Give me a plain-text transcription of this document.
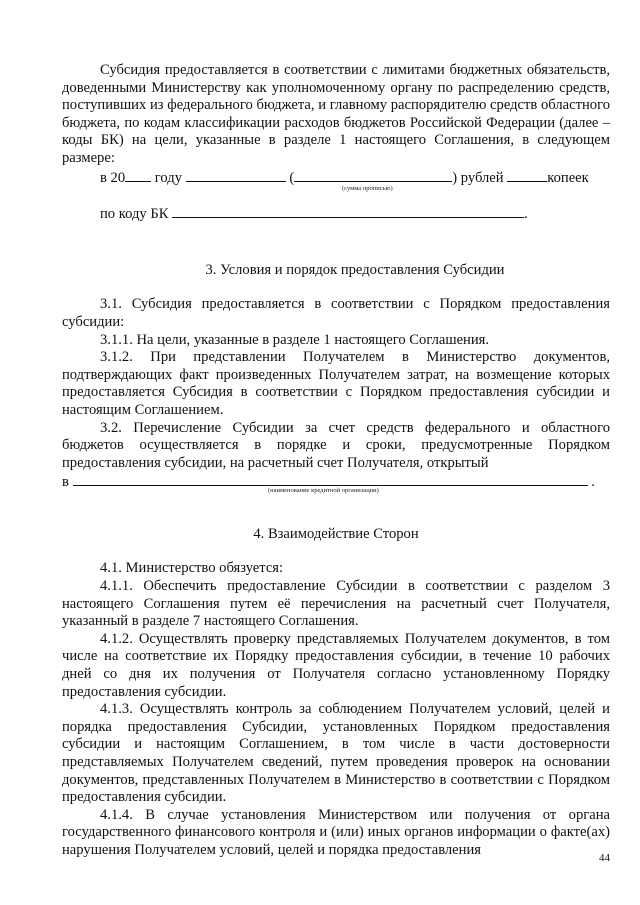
Субсидия предоставляется в соответствии с лимитами бюджетных обязательств, доведенными Министерству как уполномоченному органу по распределению средств, поступивших из федерального бюджета, и главному распорядителю средств областного бюджета, по кодам классификации расходов бюджетов Российской Федерации (далее – коды БК) на цели, указанные в разделе 1 настоящего Соглашения, в следующем размере:

в 20 году	(	) рублей	копеек
(сумма прописью)
по коду БК	.

3. Условия и порядок предоставления Субсидии

3.1. Субсидия предоставляется в соответствии с Порядком предоставления субсидии:

3.1.1. На цели, указанные в разделе 1 настоящего Соглашения.

3.1.2. При представлении Получателем в Министерство документов, подтверждающих факт произведенных Получателем затрат, на возмещение которых предоставляется Субсидия в соответствии с Порядком предоставления субсидии и настоящим Соглашением.

3.2. Перечисление Субсидии за счет средств федерального и областного бюджетов осуществляется в порядке и сроки, предусмотренные Порядком предоставления субсидии, на расчетный счет Получателя, открытый

в	.
(наименование кредитной организации)

4. Взаимодействие Сторон

4.1. Министерство обязуется:

4.1.1. Обеспечить предоставление Субсидии в соответствии с разделом 3 настоящего Соглашения путем её перечисления на расчетный счет Получателя, указанный в разделе 7 настоящего Соглашения.

4.1.2. Осуществлять проверку представляемых Получателем документов, в том числе на соответствие их Порядку предоставления субсидии, в течение 10 рабочих дней со дня их получения от Получателя согласно установленному Порядку предоставления субсидии.

4.1.3. Осуществлять контроль за соблюдением Получателем условий, целей и порядка предоставления Субсидии, установленных Порядком предоставления субсидии и настоящим Соглашением, в том числе в части достоверности представляемых Получателем сведений, путем проведения проверок на основании документов, представленных Получателем в Министерство в соответствии с Порядком предоставления субсидии.

4.1.4. В случае установления Министерством или получения от органа государственного финансового контроля и (или) иных органов информации о факте(ах) нарушения Получателем условий, целей и порядка предоставления

44
